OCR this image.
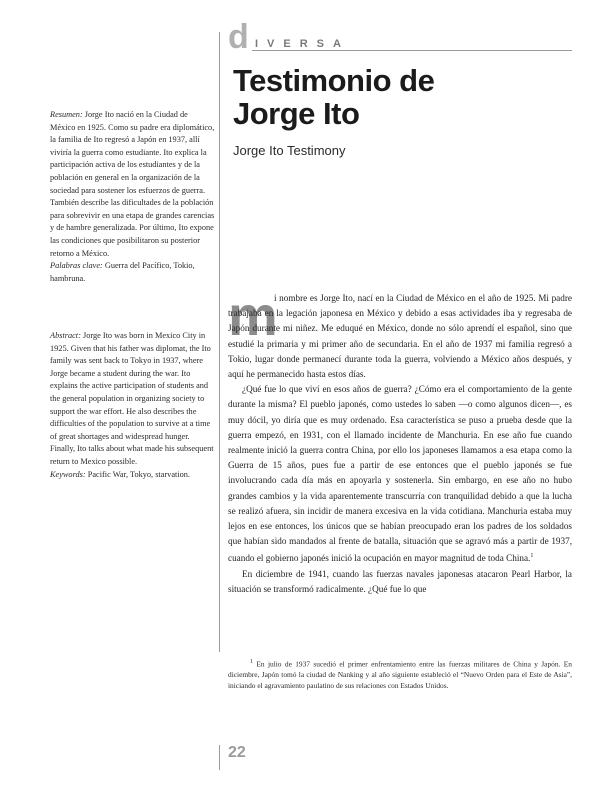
d IVERSA
Testimonio de
Jorge Ito
Jorge Ito Testimony

Resumen: Jorge Ito nació en la Ciudad de México en 1925. Como su padre era diplomático, la familia de Ito regresó a Japón en 1937, allí viviría la guerra como estudiante. Ito explica la participación activa de los estudiantes y de la población en general en la organización de la sociedad para sostener los esfuerzos de guerra. También describe las dificultades de la población para sobrevivir en una etapa de grandes carencias y de hambre generalizada. Por último, Ito expone las condiciones que posibilitaron su posterior retorno a México.

Palabras clave: Guerra del Pacífico, Tokio, hambruna.

Abstract: Jorge Ito was born in Mexico City in 1925. Given that his father was diplomat, the Ito family was sent back to Tokyo in 1937, where Jorge became a student during the war. Ito explains the active participation of students and the general population in organizing society to support the war effort. He also describes the difficulties of the population to survive at a time of great shortages and widespread hunger. Finally, Ito talks about what made his subsequent return to Mexico possible.

Keywords: Pacific War, Tokyo, starvation.

m

i nombre es Jorge Ito, nací en la Ciudad de México en el año de 1925. Mi padre trabajaba en la legación japonesa en México y debido a esas actividades iba y regresaba de Japón durante mi niñez. Me eduqué en México, donde no sólo aprendí el español, sino que estudié la primaria y mi primer año de secundaria. En el año de 1937 mi familia regresó a Tokio, lugar donde permanecí durante toda la guerra, volviendo a México años después, y aquí he permanecido hasta estos días.

¿Qué fue lo que viví en esos años de guerra? ¿Cómo era el comportamiento de la gente durante la misma? El pueblo japonés, como ustedes lo saben —o como algunos dicen—, es muy dócil, yo diría que es muy ordenado. Esa característica se puso a prueba desde que la guerra empezó, en 1931, con el llamado incidente de Manchuria. En ese año fue cuando realmente inició la guerra contra China, por ello los japoneses llamamos a esa etapa como la Guerra de 15 años, pues fue a partir de ese entonces que el pueblo japonés se fue involucrando cada día más en apoyarla y sostenerla. Sin embargo, en ese año no hubo grandes cambios y la vida aparentemente transcurría con tranquilidad debido a que la lucha se realizó afuera, sin incidir de manera excesiva en la vida cotidiana. Manchuria estaba muy lejos en ese entonces, los únicos que se habían preocupado eran los padres de los soldados que habían sido mandados al frente de batalla, situación que se agravó más a partir de 1937, cuando el gobierno japonés inició la ocupación en mayor magnitud de toda China.$^1$

En diciembre de 1941, cuando las fuerzas navales japonesas atacaron Pearl Harbor, la situación se transformó radicalmente. ¿Qué fue lo que

$^1$ En julio de 1937 sucedió el primer enfrentamiento entre las fuerzas militares de China y Japón. En diciembre, Japón tomó la ciudad de Nanking y al año siguiente estableció el “Nuevo Orden para el Este de Asia”, iniciando el agravamiento paulatino de sus relaciones con Estados Unidos.
22
